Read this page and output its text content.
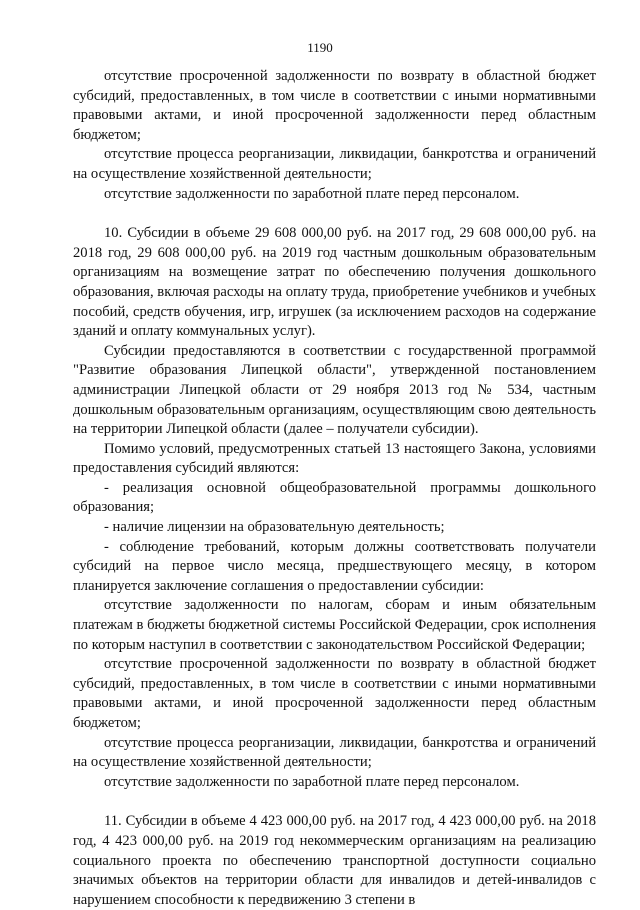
1190

отсутствие просроченной задолженности по возврату в областной бюджет субсидий, предоставленных, в том числе в соответствии с иными нормативными правовыми актами, и иной просроченной задолженности перед областным бюджетом;

отсутствие процесса реорганизации, ликвидации, банкротства и ограничений на осуществление хозяйственной деятельности;

отсутствие задолженности по заработной плате перед персоналом.

10. Субсидии в объеме 29 608 000,00 руб. на 2017 год, 29 608 000,00 руб. на 2018 год, 29 608 000,00 руб. на 2019 год частным дошкольным образовательным организациям на возмещение затрат по обеспечению получения дошкольного образования, включая расходы на оплату труда, приобретение учебников и учебных пособий, средств обучения, игр, игрушек (за исключением расходов на содержание зданий и оплату коммунальных услуг).

Субсидии предоставляются в соответствии с государственной программой "Развитие образования Липецкой области", утвержденной постановлением администрации Липецкой области от 29 ноября 2013 год № 534, частным дошкольным образовательным организациям, осуществляющим свою деятельность на территории Липецкой области (далее – получатели субсидии).

Помимо условий, предусмотренных статьей 13 настоящего Закона, условиями предоставления субсидий являются:

- реализация основной общеобразовательной программы дошкольного образования;

- наличие лицензии на образовательную деятельность;

- соблюдение требований, которым должны соответствовать получатели субсидий на первое число месяца, предшествующего месяцу, в котором планируется заключение соглашения о предоставлении субсидии:

отсутствие задолженности по налогам, сборам и иным обязательным платежам в бюджеты бюджетной системы Российской Федерации, срок исполнения по которым наступил в соответствии с законодательством Российской Федерации;

отсутствие просроченной задолженности по возврату в областной бюджет субсидий, предоставленных, в том числе в соответствии с иными нормативными правовыми актами, и иной просроченной задолженности перед областным бюджетом;

отсутствие процесса реорганизации, ликвидации, банкротства и ограничений на осуществление хозяйственной деятельности;

отсутствие задолженности по заработной плате перед персоналом.

11. Субсидии в объеме 4 423 000,00 руб. на 2017 год, 4 423 000,00 руб. на 2018 год, 4 423 000,00 руб. на 2019 год некоммерческим организациям на реализацию социального проекта по обеспечению транспортной доступности социально значимых объектов на территории области для инвалидов и детей-инвалидов с нарушением способности к передвижению 3 степени в
